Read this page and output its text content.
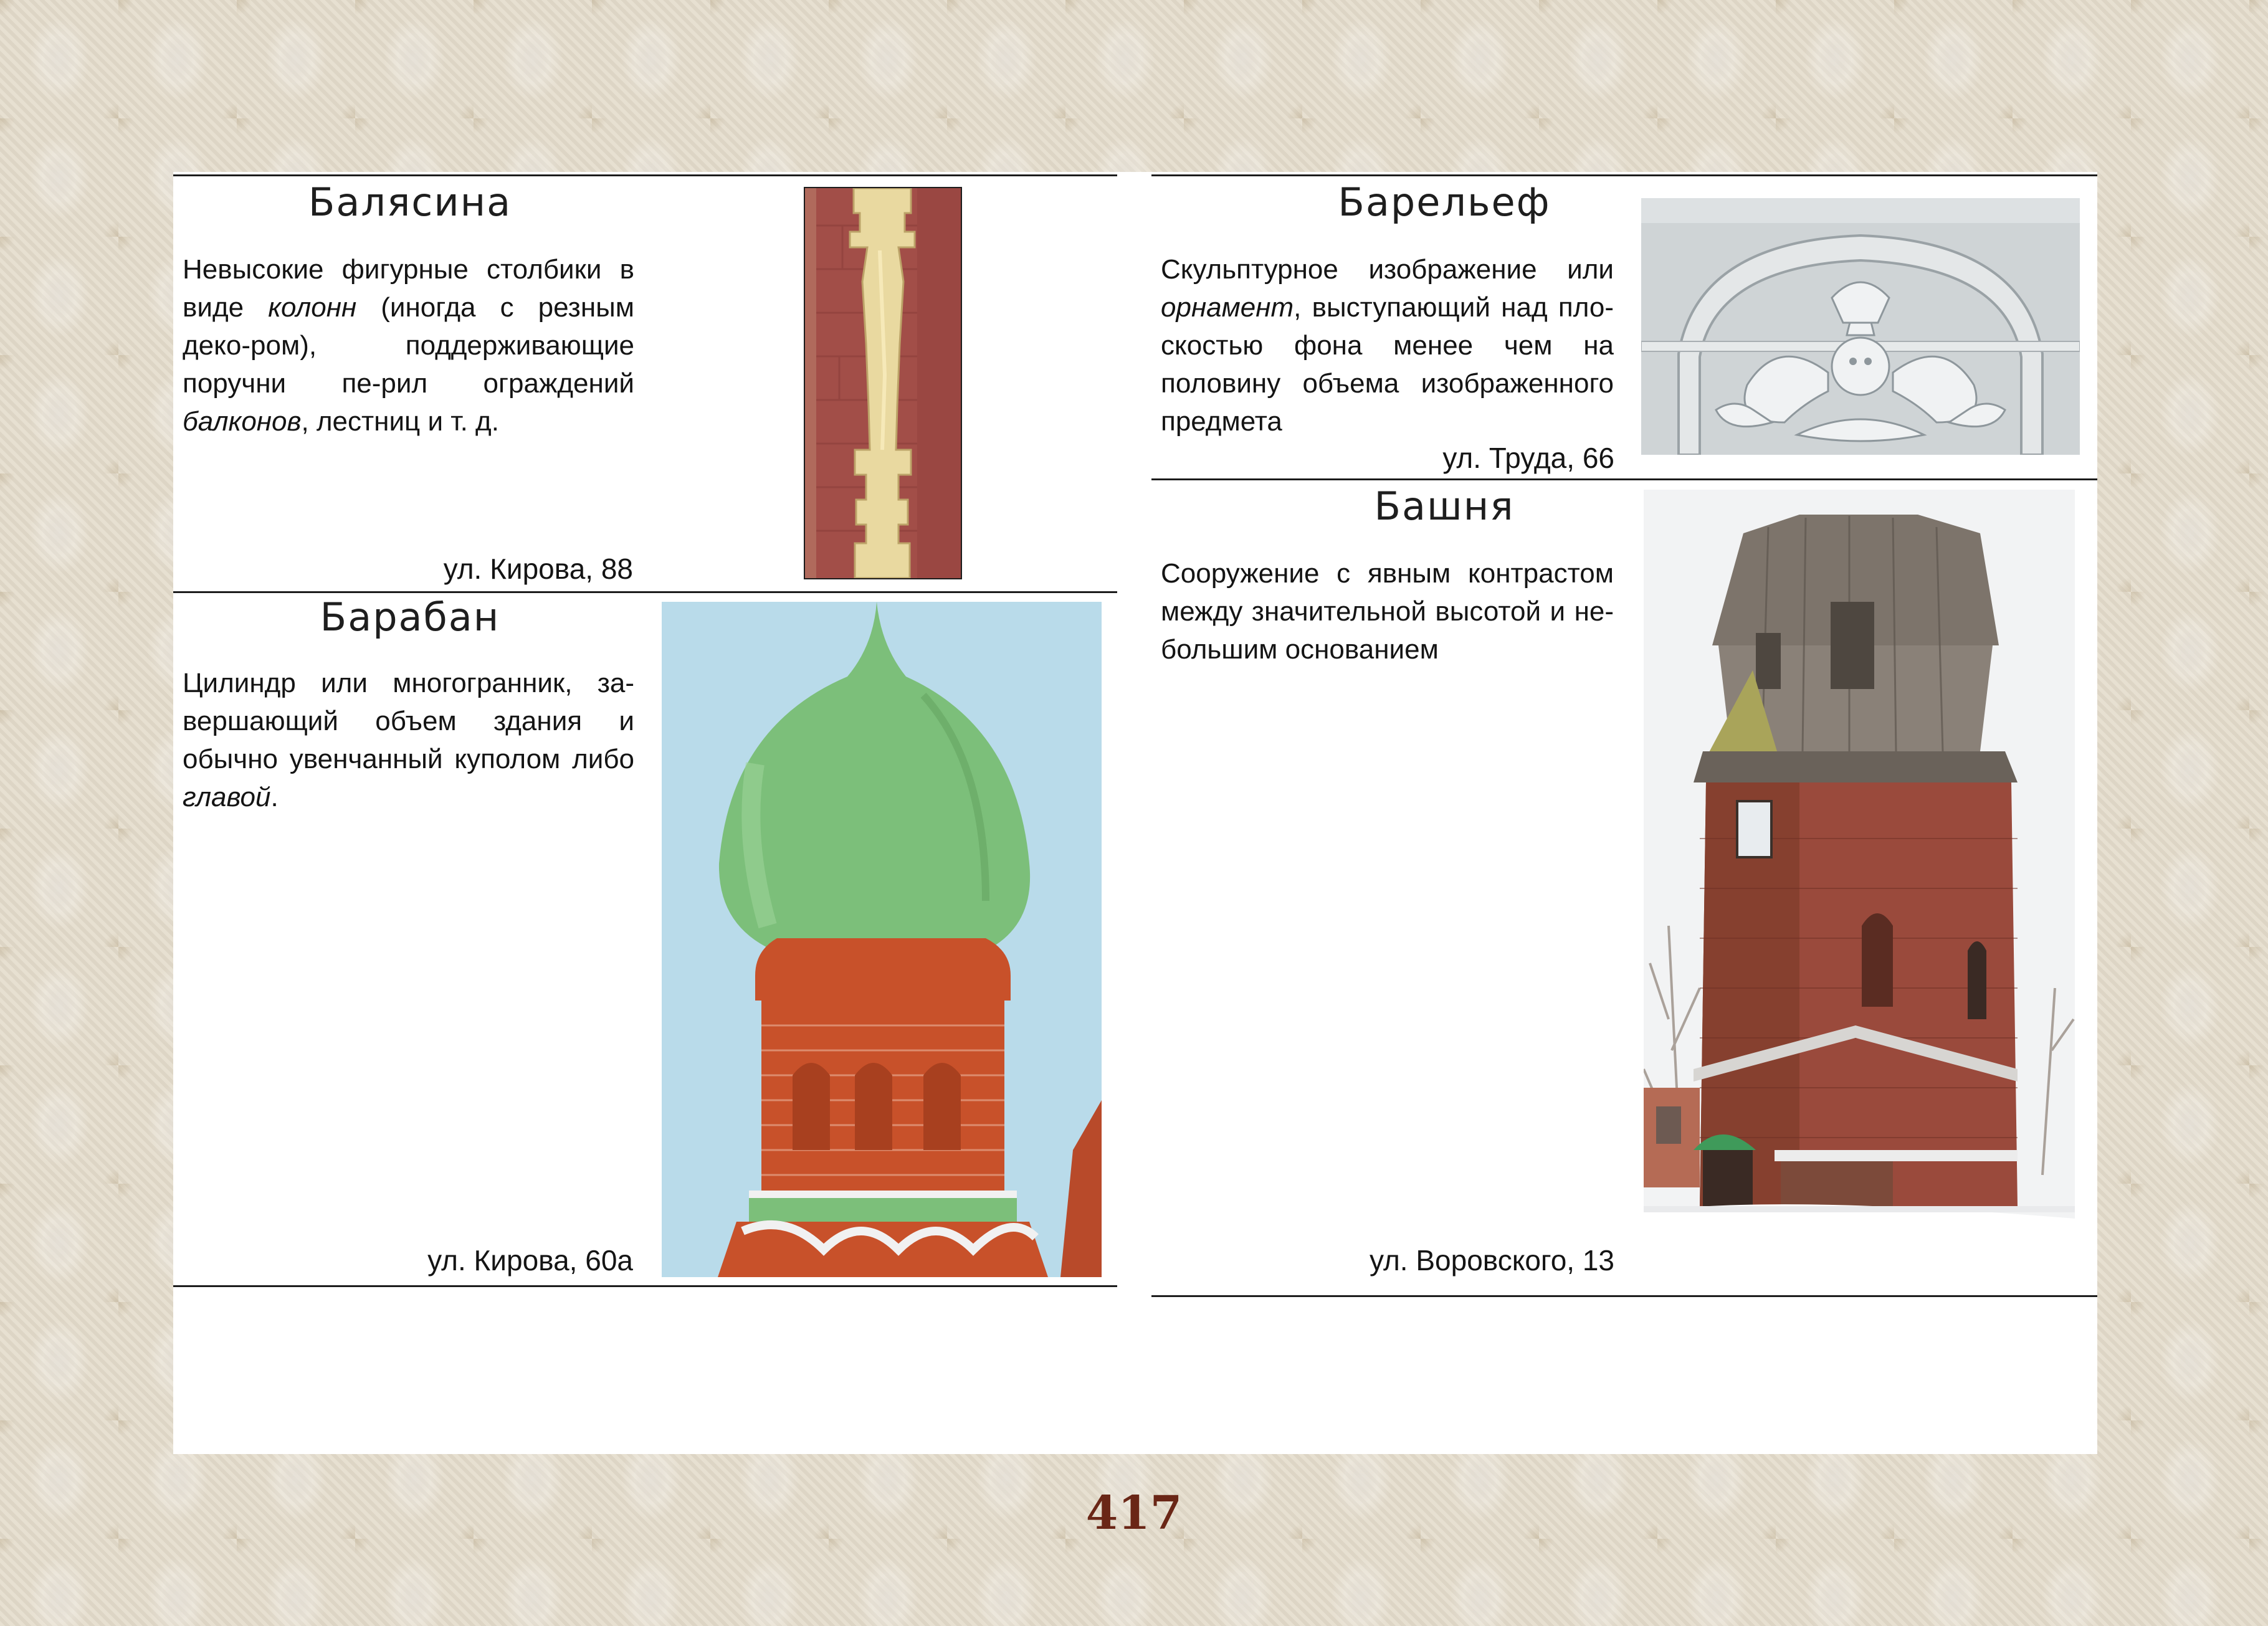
Балясина
Невысокие фигурные столбики в виде колонн (иногда с резным деко-ром), поддерживающие поручни пе-рил ограждений балконов, лестниц и т. д.
ул. Кирова, 88
Барабан
Цилиндр или многогранник, за-вершающий объем здания и обычно увенчанный куполом либо главой.
ул. Кирова, 60а
Барельеф
Скульптурное изображение или орнамент, выступающий над пло-скостью фона менее чем на половину объема изображенного предмета
ул. Труда, 66
Башня
Сооружение с явным контрастом между значительной высотой и не-большим основанием
ул. Воровского, 13
417
